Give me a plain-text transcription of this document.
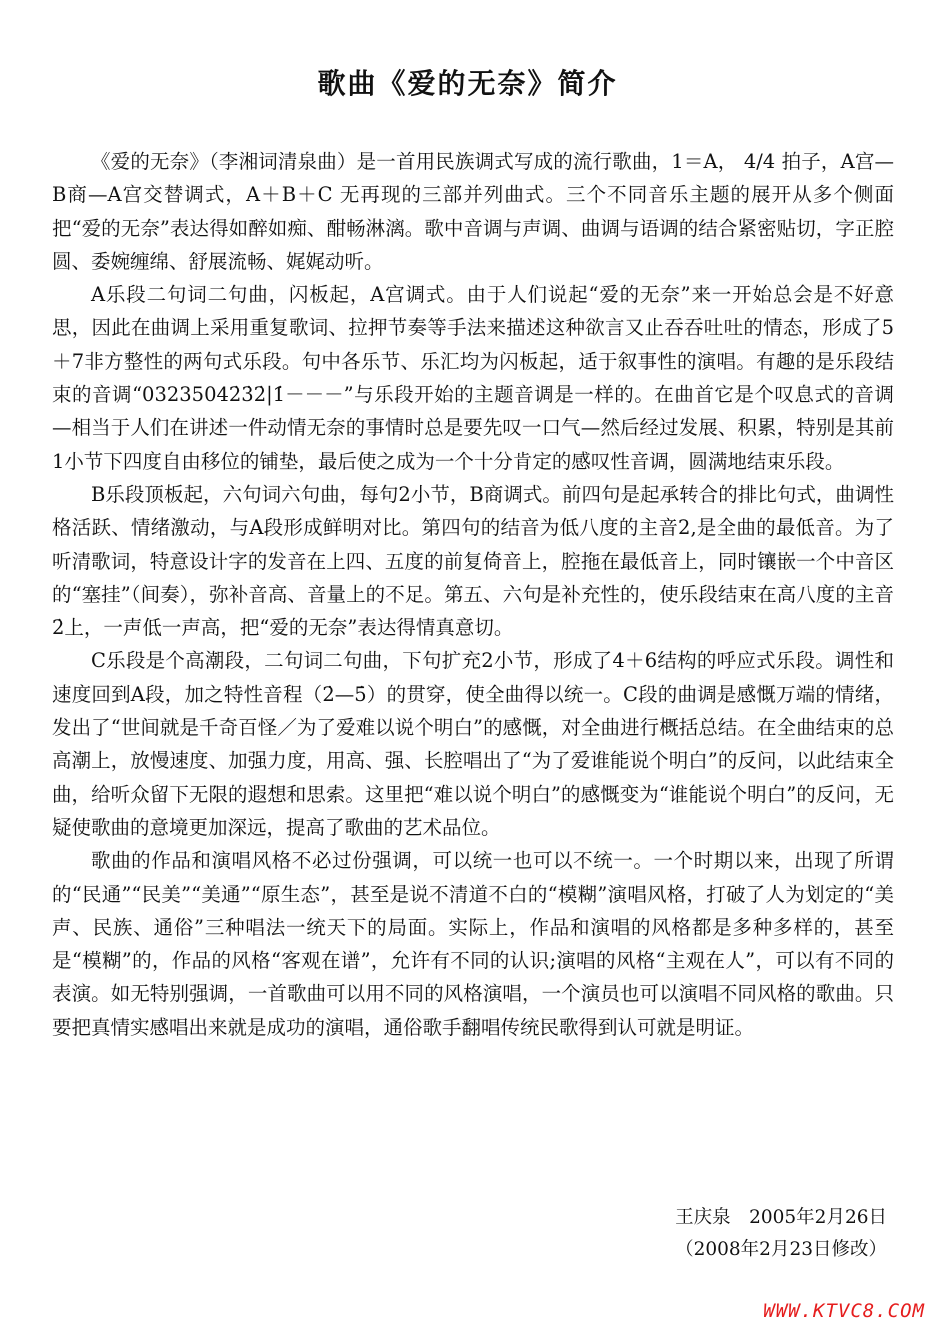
歌曲《爱的无奈》简介

《爱的无奈》（李湘词清泉曲）是一首用民族调式写成的流行歌曲，1＝A， 4/4 拍子，A宫—B商—A宫交替调式，A＋B＋C 无再现的三部并列曲式。三个不同音乐主题的展开从多个侧面把“爱的无奈”表达得如醉如痴、酣畅淋漓。歌中音调与声调、曲调与语调的结合紧密贴切，字正腔圆、委婉缠绵、舒展流畅、娓娓动听。

A乐段二句词二句曲，闪板起，A宫调式。由于人们说起“爱的无奈”来一开始总会是不好意思，因此在曲调上采用重复歌词、拉押节奏等手法来描述这种欲言又止吞吞吐吐的情态，形成了5＋7非方整性的两句式乐段。句中各乐节、乐汇均为闪板起，适于叙事性的演唱。有趣的是乐段结束的音调“03235042̇3̇2̇|1̇－－－”与乐段开始的主题音调是一样的。在曲首它是个叹息式的音调—相当于人们在讲述一件动情无奈的事情时总是要先叹一口气—然后经过发展、积累，特别是其前1小节下四度自由移位的铺垫，最后使之成为一个十分肯定的感叹性音调，圆满地结束乐段。

B乐段顶板起，六句词六句曲，每句2小节，B商调式。前四句是起承转合的排比句式，曲调性格活跃、情绪激动，与A段形成鲜明对比。第四句的结音为低八度的主音2,是全曲的最低音。为了听清歌词，特意设计字的发音在上四、五度的前复倚音上，腔拖在最低音上，同时镶嵌一个中音区的“塞挂”（间奏），弥补音高、音量上的不足。第五、六句是补充性的，使乐段结束在高八度的主音2̇上，一声低一声高，把“爱的无奈”表达得情真意切。

C乐段是个高潮段，二句词二句曲，下句扩充2小节，形成了4＋6结构的呼应式乐段。调性和速度回到A段，加之特性音程（2̇—5̇）的贯穿，使全曲得以统一。C段的曲调是感慨万端的情绪，发出了“世间就是千奇百怪／为了爱难以说个明白”的感慨，对全曲进行概括总结。在全曲结束的总高潮上，放慢速度、加强力度，用高、强、长腔唱出了“为了爱谁能说个明白”的反问，以此结束全曲，给听众留下无限的遐想和思索。这里把“难以说个明白”的感慨变为“谁能说个明白”的反问，无疑使歌曲的意境更加深远，提高了歌曲的艺术品位。

歌曲的作品和演唱风格不必过份强调，可以统一也可以不统一。一个时期以来，出现了所谓的“民通”“民美”“美通”“原生态”，甚至是说不清道不白的“模糊”演唱风格，打破了人为划定的“美声、民族、通俗”三种唱法一统天下的局面。实际上，作品和演唱的风格都是多种多样的，甚至是“模糊”的，作品的风格“客观在谱”，允许有不同的认识;演唱的风格“主观在人”，可以有不同的表演。如无特别强调，一首歌曲可以用不同的风格演唱，一个演员也可以演唱不同风格的歌曲。只要把真情实感唱出来就是成功的演唱，通俗歌手翻唱传统民歌得到认可就是明证。

王庆泉　2005年2月26日
（2008年2月23日修改）
WWW.KTVC8.COM
